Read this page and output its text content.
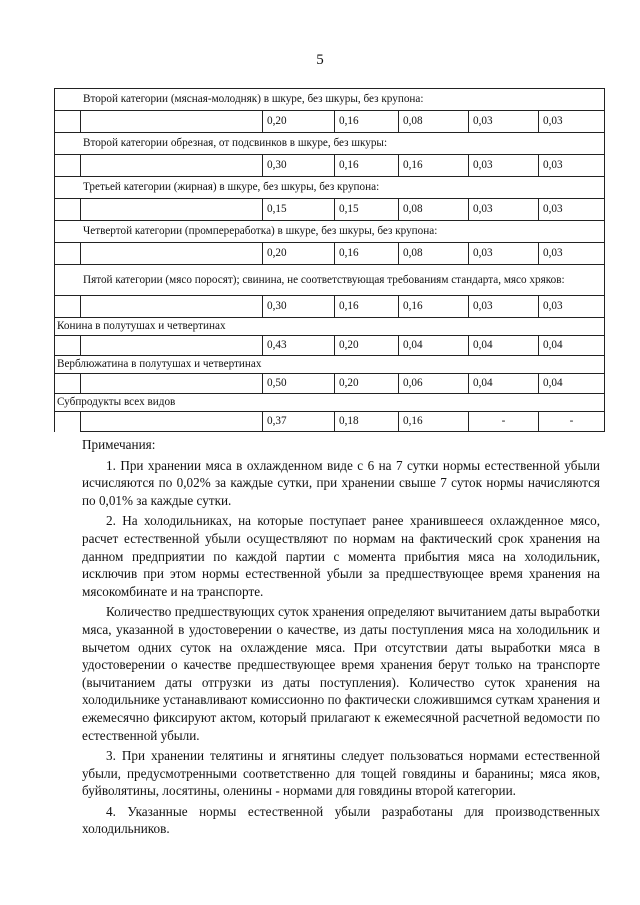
5
Второй категории (мясная-молодняк) в шкуре, без шкуры, без крупона:						
		0,20	0,16	0,08	0,03	0,03
Второй категории обрезная, от подсвинков в шкуре, без шкуры:						
		0,30	0,16	0,16	0,03	0,03
Третьей категории (жирная) в шкуре, без шкуры, без крупона:						
		0,15	0,15	0,08	0,03	0,03
Четвертой категории (промпереработка) в шкуре, без шкуры, без крупона:						
		0,20	0,16	0,08	0,03	0,03
Пятой категории (мясо поросят); свинина, не соответствующая требованиям стандарта, мясо хряков:						
		0,30	0,16	0,16	0,03	0,03
Конина в полутушах и четвертинах						
		0,43	0,20	0,04	0,04	0,04
Верблюжатина в полутушах и четвертинах						
		0,50	0,20	0,06	0,04	0,04
Субпродукты всех видов						
		0,37	0,18	0,16	-	-
Примечания:

1. При хранении мяса в охлажденном виде с 6 на 7 сутки нормы естественной убыли исчисляются по 0,02% за каждые сутки, при хранении свыше 7 суток нормы начисляются по 0,01% за каждые сутки.

2. На холодильниках, на которые поступает ранее хранившееся охлажденное мясо, расчет естественной убыли осуществляют по нормам на фактический срок хранения на данном предприятии по каждой партии с момента прибытия мяса на холодильник, исключив при этом нормы естественной убыли за предшествующее время хранения на мясокомбинате и на транспорте.

Количество предшествующих суток хранения определяют вычитанием даты выработки мяса, указанной в удостоверении о качестве, из даты поступления мяса на холодильник и вычетом одних суток на охлаждение мяса. При отсутствии даты выработки мяса в удостоверении о качестве предшествующее время хранения берут только на транспорте (вычитанием даты отгрузки из даты поступления). Количество суток хранения на холодильнике устанавливают комиссионно по фактически сложившимся суткам хранения и ежемесячно фиксируют актом, который прилагают к ежемесячной расчетной ведомости по естественной убыли.

3. При хранении телятины и ягнятины следует пользоваться нормами естественной убыли, предусмотренными соответственно для тощей говядины и баранины; мяса яков, буйволятины, лосятины, оленины - нормами для говядины второй категории.

4. Указанные нормы естественной убыли разработаны для производственных холодильников.
